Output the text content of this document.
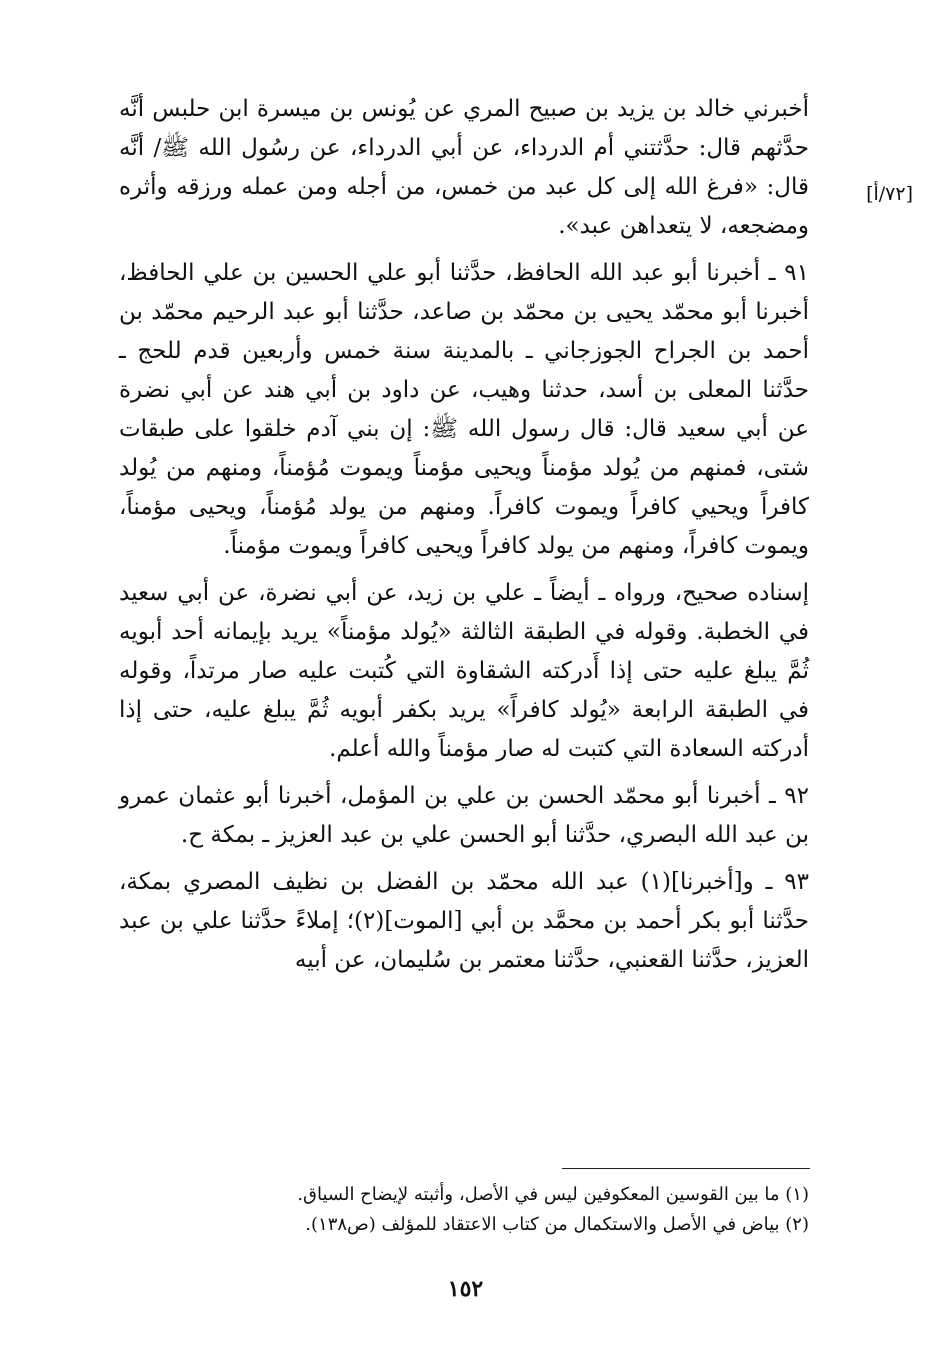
[٧٢/أ]

أخبرني خالد بن يزيد بن صبيح المري عن يُونس بن ميسرة ابن حلبس أنَّه حدَّثهم قال: حدَّثتني أم الدرداء، عن أبي الدرداء، عن رسُول الله ﷺ/ أنَّه قال: «فرغ الله إلى كل عبد من خمس، من أجله ومن عمله ورزقه وأثره ومضجعه، لا يتعداهن عبد».

٩١ ـ أخبرنا أبو عبد الله الحافظ، حدَّثنا أبو علي الحسين بن علي الحافظ، أخبرنا أبو محمّد يحيى بن محمّد بن صاعد، حدَّثنا أبو عبد الرحيم محمّد بن أحمد بن الجراح الجوزجاني ـ بالمدينة سنة خمس وأربعين قدم للحج ـ حدَّثنا المعلى بن أسد، حدثنا وهيب، عن داود بن أبي هند عن أبي نضرة عن أبي سعيد قال: قال رسول الله ﷺ: إن بني آدم خلقوا على طبقات شتى، فمنهم من يُولد مؤمناً ويحيى مؤمناً ويموت مُؤمناً، ومنهم من يُولد كافراً ويحيي كافراً ويموت كافراً. ومنهم من يولد مُؤمناً، ويحيى مؤمناً، ويموت كافراً، ومنهم من يولد كافراً ويحيى كافراً ويموت مؤمناً.

إسناده صحيح، ورواه ـ أيضاً ـ علي بن زيد، عن أبي نضرة، عن أبي سعيد في الخطبة. وقوله في الطبقة الثالثة «يُولد مؤمناً» يريد بإيمانه أحد أبويه ثُمَّ يبلغ عليه حتى إذا أَدركته الشقاوة التي كُتبت عليه صار مرتداً، وقوله في الطبقة الرابعة «يُولد كافراً» يريد بكفر أبويه ثُمَّ يبلغ عليه، حتى إذا أدركته السعادة التي كتبت له صار مؤمناً والله أعلم.

٩٢ ـ أخبرنا أبو محمّد الحسن بن علي بن المؤمل، أخبرنا أبو عثمان عمرو بن عبد الله البصري، حدَّثنا أبو الحسن علي بن عبد العزيز ـ بمكة ح.

٩٣ ـ و[أخبرنا](١) عبد الله محمّد بن الفضل بن نظيف المصري بمكة، حدَّثنا أبو بكر أحمد بن محمَّد بن أبي [الموت](٢)؛ إملاءً حدَّثنا علي بن عبد العزيز، حدَّثنا القعنبي، حدَّثنا معتمر بن سُليمان، عن أبيه

(١) ما بين القوسين المعكوفين ليس في الأصل، وأثبته لإيضاح السياق.

(٢) بياض في الأصل والاستكمال من كتاب الاعتقاد للمؤلف (ص١٣٨).

١٥٢
